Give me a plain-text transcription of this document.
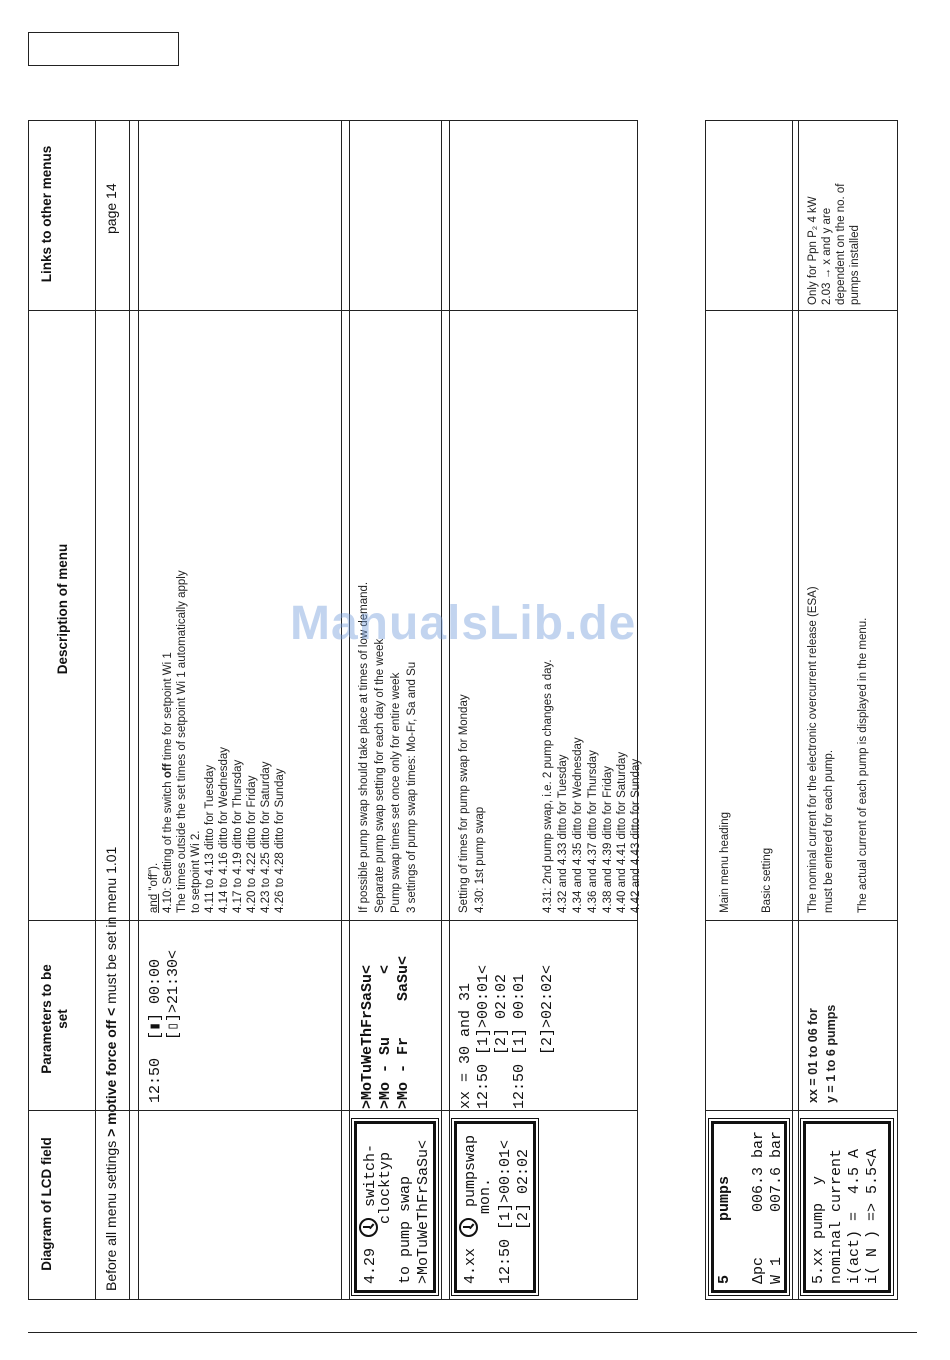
Diagram of LCD field
Parameters to be set
Description of menu
Links to other menus
Before all menu settings > motive force off < must be set in menu 1.01
page 14
12:50  [▮] 00:00 [▯]>21:30<
and "off"). 4.10: Setting of the switch off time for setpoint Wi 1 The times outside the set times of setpoint Wi 1 automatically apply to setpoint Wi 2. 4.11 to 4.13 ditto for Tuesday 4.14 to 4.16 ditto for Wednesday 4.17 to 4.19 ditto for Thursday 4.20 to 4.22 ditto for Friday 4.23 to 4.25 ditto for Saturday 4.26 to 4.28 ditto for Sunday
4.29  switch-
clocktyp to pump swap >MoTuWeThFrSaSu<
>MoTuWeThFrSaSu< >Mo - Su       < >Mo - Fr    SaSu<
If possible pump swap should take place at times of low demand. Separate pump swap setting for each day of the week Pump swap times set once only for entire week 3 settings of pump swap times: Mo-Fr, Sa and Su
4.xx  pumpswap
mon. 12:50 [1]>00:01< [2] 02:02
xx = 30 and 31 12:50 [1]>00:01< [2] 02:02 12:50 [1] 00:01 [2]>02:02<
Setting of times for pump swap for Monday 4.30: 1st pump swap	4.31: 2nd pump swap, i.e. 2 pump changes a day. 4.32 and 4.33 ditto for Tuesday 4.34 and 4.35 ditto for Wednesday 4.36 and 4.37 ditto for Thursday 4.38 and 4.39 ditto for Friday 4.40 and 4.41 ditto for Saturday 4.42 and 4.43 ditto for Sunday
5      pumps Δpc     006.3 bar W 1     007.6 bar
Main menu heading	Basic setting
5.xx pump  y nominal current i(act) =  4.5 A i( N ) => 5.5<A
xx = 01 to 06 for y = 1 to 6 pumps
The nominal current for the electronic overcurrent release (ESA) must be entered for each pump. The actual current of each pump is displayed in the menu.
Only for Ppn P₂ 4 kW 2.03 → x and y are dependent on the no. of pumps installed
ManualsLib.de
